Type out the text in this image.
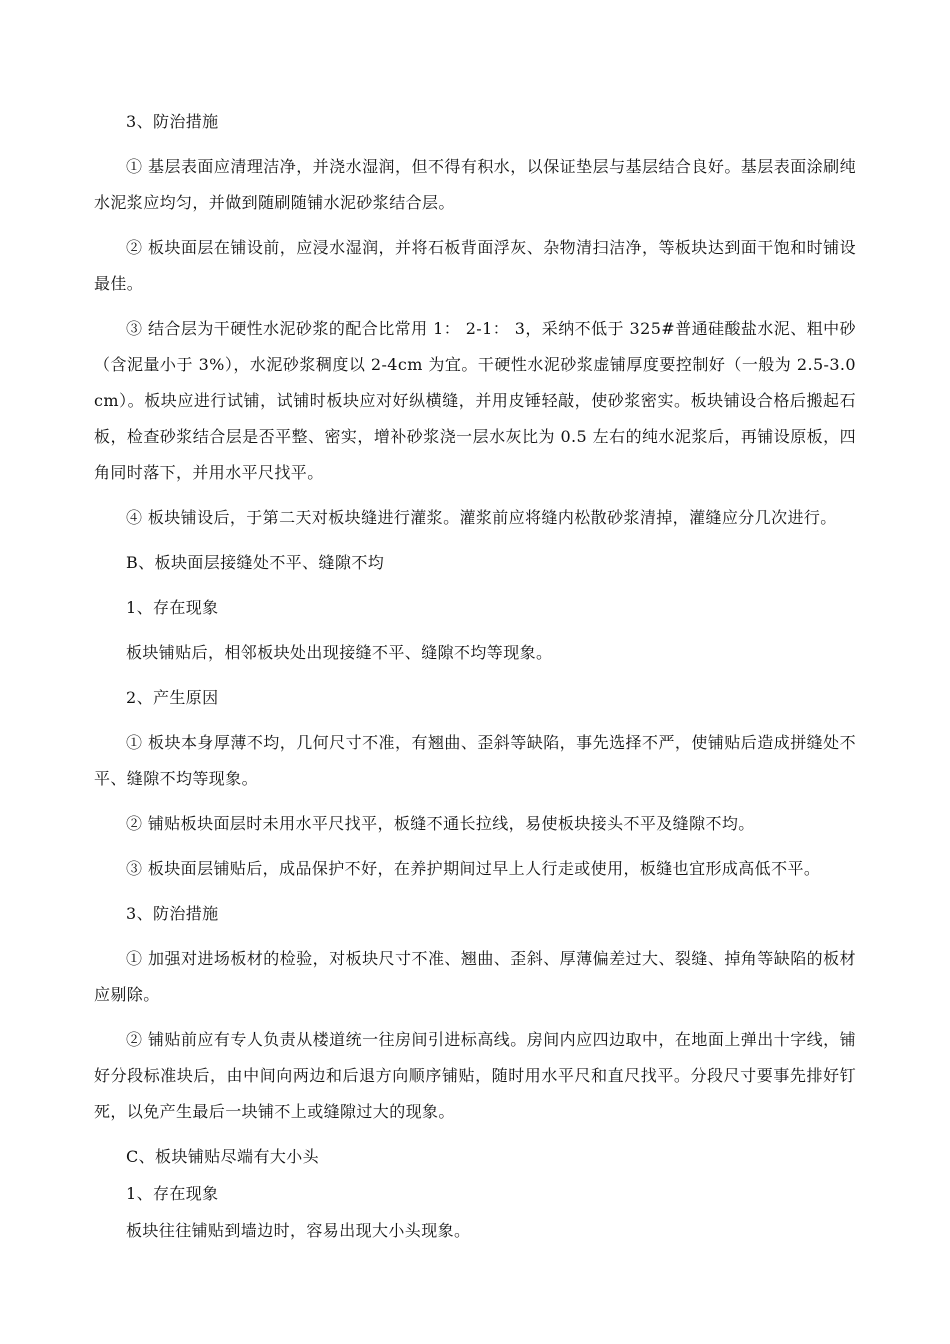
3、防治措施

① 基层表面应清理洁净，并浇水湿润，但不得有积水，以保证垫层与基层结合良好。基层表面涂刷纯水泥浆应均匀，并做到随刷随铺水泥砂浆结合层。

② 板块面层在铺设前，应浸水湿润，并将石板背面浮灰、杂物清扫洁净，等板块达到面干饱和时铺设最佳。

③ 结合层为干硬性水泥砂浆的配合比常用 1： 2-1： 3，采纳不低于 325#普通硅酸盐水泥、粗中砂（含泥量小于 3%），水泥砂浆稠度以 2-4cm 为宜。干硬性水泥砂浆虚铺厚度要控制好（一般为 2.5-3.0cm）。板块应进行试铺，试铺时板块应对好纵横缝，并用皮锤轻敲，使砂浆密实。板块铺设合格后搬起石板，检查砂浆结合层是否平整、密实，增补砂浆浇一层水灰比为 0.5 左右的纯水泥浆后，再铺设原板，四角同时落下，并用水平尺找平。

④ 板块铺设后，于第二天对板块缝进行灌浆。灌浆前应将缝内松散砂浆清掉，灌缝应分几次进行。

B、板块面层接缝处不平、缝隙不均

1、存在现象

板块铺贴后，相邻板块处出现接缝不平、缝隙不均等现象。

2、产生原因

① 板块本身厚薄不均，几何尺寸不准，有翘曲、歪斜等缺陷，事先选择不严，使铺贴后造成拼缝处不平、缝隙不均等现象。

② 铺贴板块面层时未用水平尺找平，板缝不通长拉线，易使板块接头不平及缝隙不均。

③ 板块面层铺贴后，成品保护不好，在养护期间过早上人行走或使用，板缝也宜形成高低不平。

3、防治措施

① 加强对进场板材的检验，对板块尺寸不准、翘曲、歪斜、厚薄偏差过大、裂缝、掉角等缺陷的板材应剔除。

② 铺贴前应有专人负责从楼道统一往房间引进标高线。房间内应四边取中，在地面上弹出十字线，铺好分段标准块后，由中间向两边和后退方向顺序铺贴，随时用水平尺和直尺找平。分段尺寸要事先排好钉死，以免产生最后一块铺不上或缝隙过大的现象。

C、板块铺贴尽端有大小头

1、存在现象

板块往往铺贴到墙边时，容易出现大小头现象。
